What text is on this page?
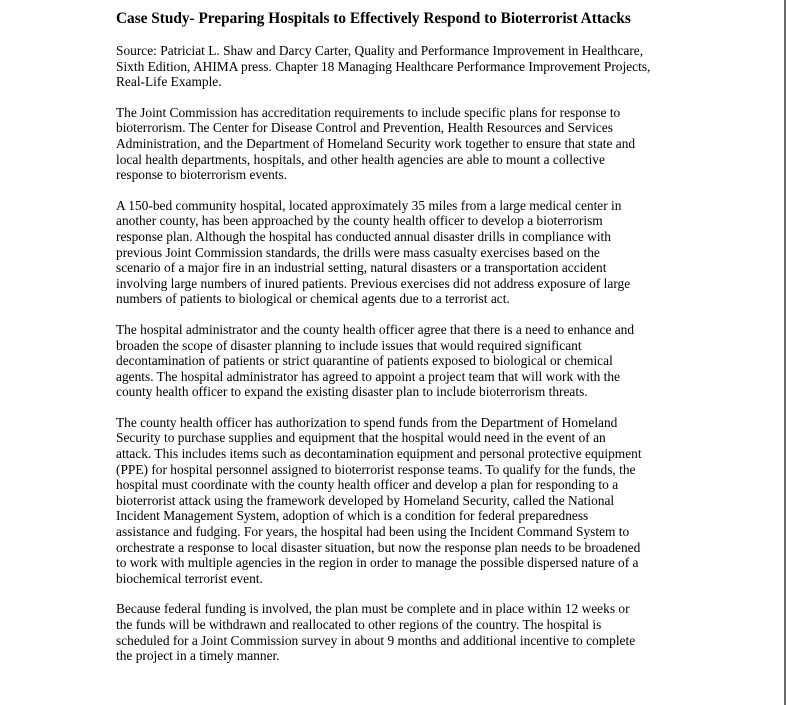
Case Study- Preparing Hospitals to Effectively Respond to Bioterrorist Attacks
Source: Patriciat L. Shaw and Darcy Carter, Quality and Performance Improvement in Healthcare,
Sixth Edition, AHIMA press. Chapter 18 Managing Healthcare Performance Improvement Projects,
Real-Life Example.
The Joint Commission has accreditation requirements to include specific plans for response to
bioterrorism. The Center for Disease Control and Prevention, Health Resources and Services
Administration, and the Department of Homeland Security work together to ensure that state and
local health departments, hospitals, and other health agencies are able to mount a collective
response to bioterrorism events.
A 150-bed community hospital, located approximately 35 miles from a large medical center in
another county, has been approached by the county health officer to develop a bioterrorism
response plan. Although the hospital has conducted annual disaster drills in compliance with
previous Joint Commission standards, the drills were mass casualty exercises based on the
scenario of a major fire in an industrial setting, natural disasters or a transportation accident
involving large numbers of inured patients. Previous exercises did not address exposure of large
numbers of patients to biological or chemical agents due to a terrorist act.
The hospital administrator and the county health officer agree that there is a need to enhance and
broaden the scope of disaster planning to include issues that would required significant
decontamination of patients or strict quarantine of patients exposed to biological or chemical
agents. The hospital administrator has agreed to appoint a project team that will work with the
county health officer to expand the existing disaster plan to include bioterrorism threats.
The county health officer has authorization to spend funds from the Department of Homeland
Security to purchase supplies and equipment that the hospital would need in the event of an
attack. This includes items such as decontamination equipment and personal protective equipment
(PPE) for hospital personnel assigned to bioterrorist response teams. To qualify for the funds, the
hospital must coordinate with the county health officer and develop a plan for responding to a
bioterrorist attack using the framework developed by Homeland Security, called the National
Incident Management System, adoption of which is a condition for federal preparedness
assistance and fudging. For years, the hospital had been using the Incident Command System to
orchestrate a response to local disaster situation, but now the response plan needs to be broadened
to work with multiple agencies in the region in order to manage the possible dispersed nature of a
biochemical terrorist event.
Because federal funding is involved, the plan must be complete and in place within 12 weeks or
the funds will be withdrawn and reallocated to other regions of the country. The hospital is
scheduled for a Joint Commission survey in about 9 months and additional incentive to complete
the project in a timely manner.
